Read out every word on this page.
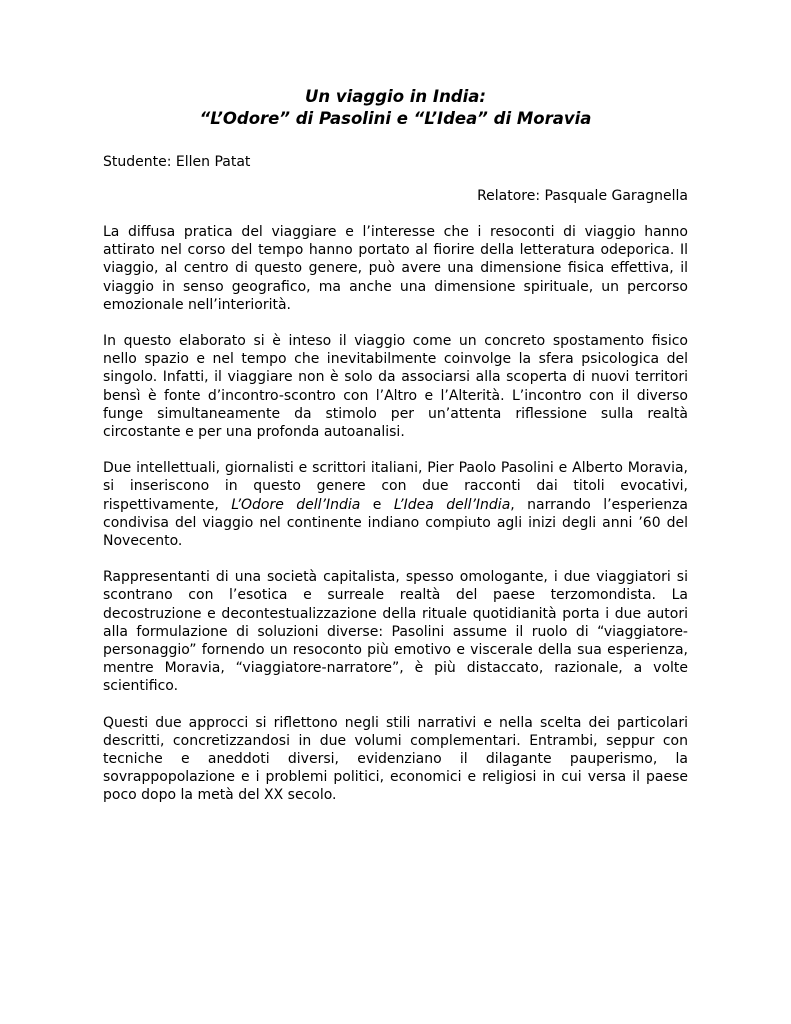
Un viaggio in India:
“L’Odore” di Pasolini e “L’Idea” di Moravia

Studente: Ellen Patat

Relatore: Pasquale Garagnella

La diffusa pratica del viaggiare e l’interesse che i resoconti di viaggio hanno attirato nel corso del tempo hanno portato al fiorire della letteratura odeporica. Il viaggio, al centro di questo genere, può avere una dimensione fisica effettiva, il viaggio in senso geografico, ma anche una dimensione spirituale, un percorso emozionale nell’interiorità.

In questo elaborato si è inteso il viaggio come un concreto spostamento fisico nello spazio e nel tempo che inevitabilmente coinvolge la sfera psicologica del singolo. Infatti, il viaggiare non è solo da associarsi alla scoperta di nuovi territori bensì è fonte d’incontro-scontro con l’Altro e l’Alterità. L’incontro con il diverso funge simultaneamente da stimolo per un’attenta riflessione sulla realtà circostante e per una profonda autoanalisi.

Due intellettuali, giornalisti e scrittori italiani, Pier Paolo Pasolini e Alberto Moravia, si inseriscono in questo genere con due racconti dai titoli evocativi, rispettivamente, L’Odore dell’India e L’Idea dell’India, narrando l’esperienza condivisa del viaggio nel continente indiano compiuto agli inizi degli anni ’60 del Novecento.

Rappresentanti di una società capitalista, spesso omologante, i due viaggiatori si scontrano con l’esotica e surreale realtà del paese terzomondista. La decostruzione e decontestualizzazione della rituale quotidianità porta i due autori alla formulazione di soluzioni diverse: Pasolini assume il ruolo di “viaggiatore-personaggio” fornendo un resoconto più emotivo e viscerale della sua esperienza, mentre Moravia, “viaggiatore-narratore”, è più distaccato, razionale, a volte scientifico.

Questi due approcci si riflettono negli stili narrativi e nella scelta dei particolari descritti, concretizzandosi in due volumi complementari. Entrambi, seppur con tecniche e aneddoti diversi, evidenziano il dilagante pauperismo, la sovrappopolazione e i problemi politici, economici e religiosi in cui versa il paese poco dopo la metà del XX secolo.
